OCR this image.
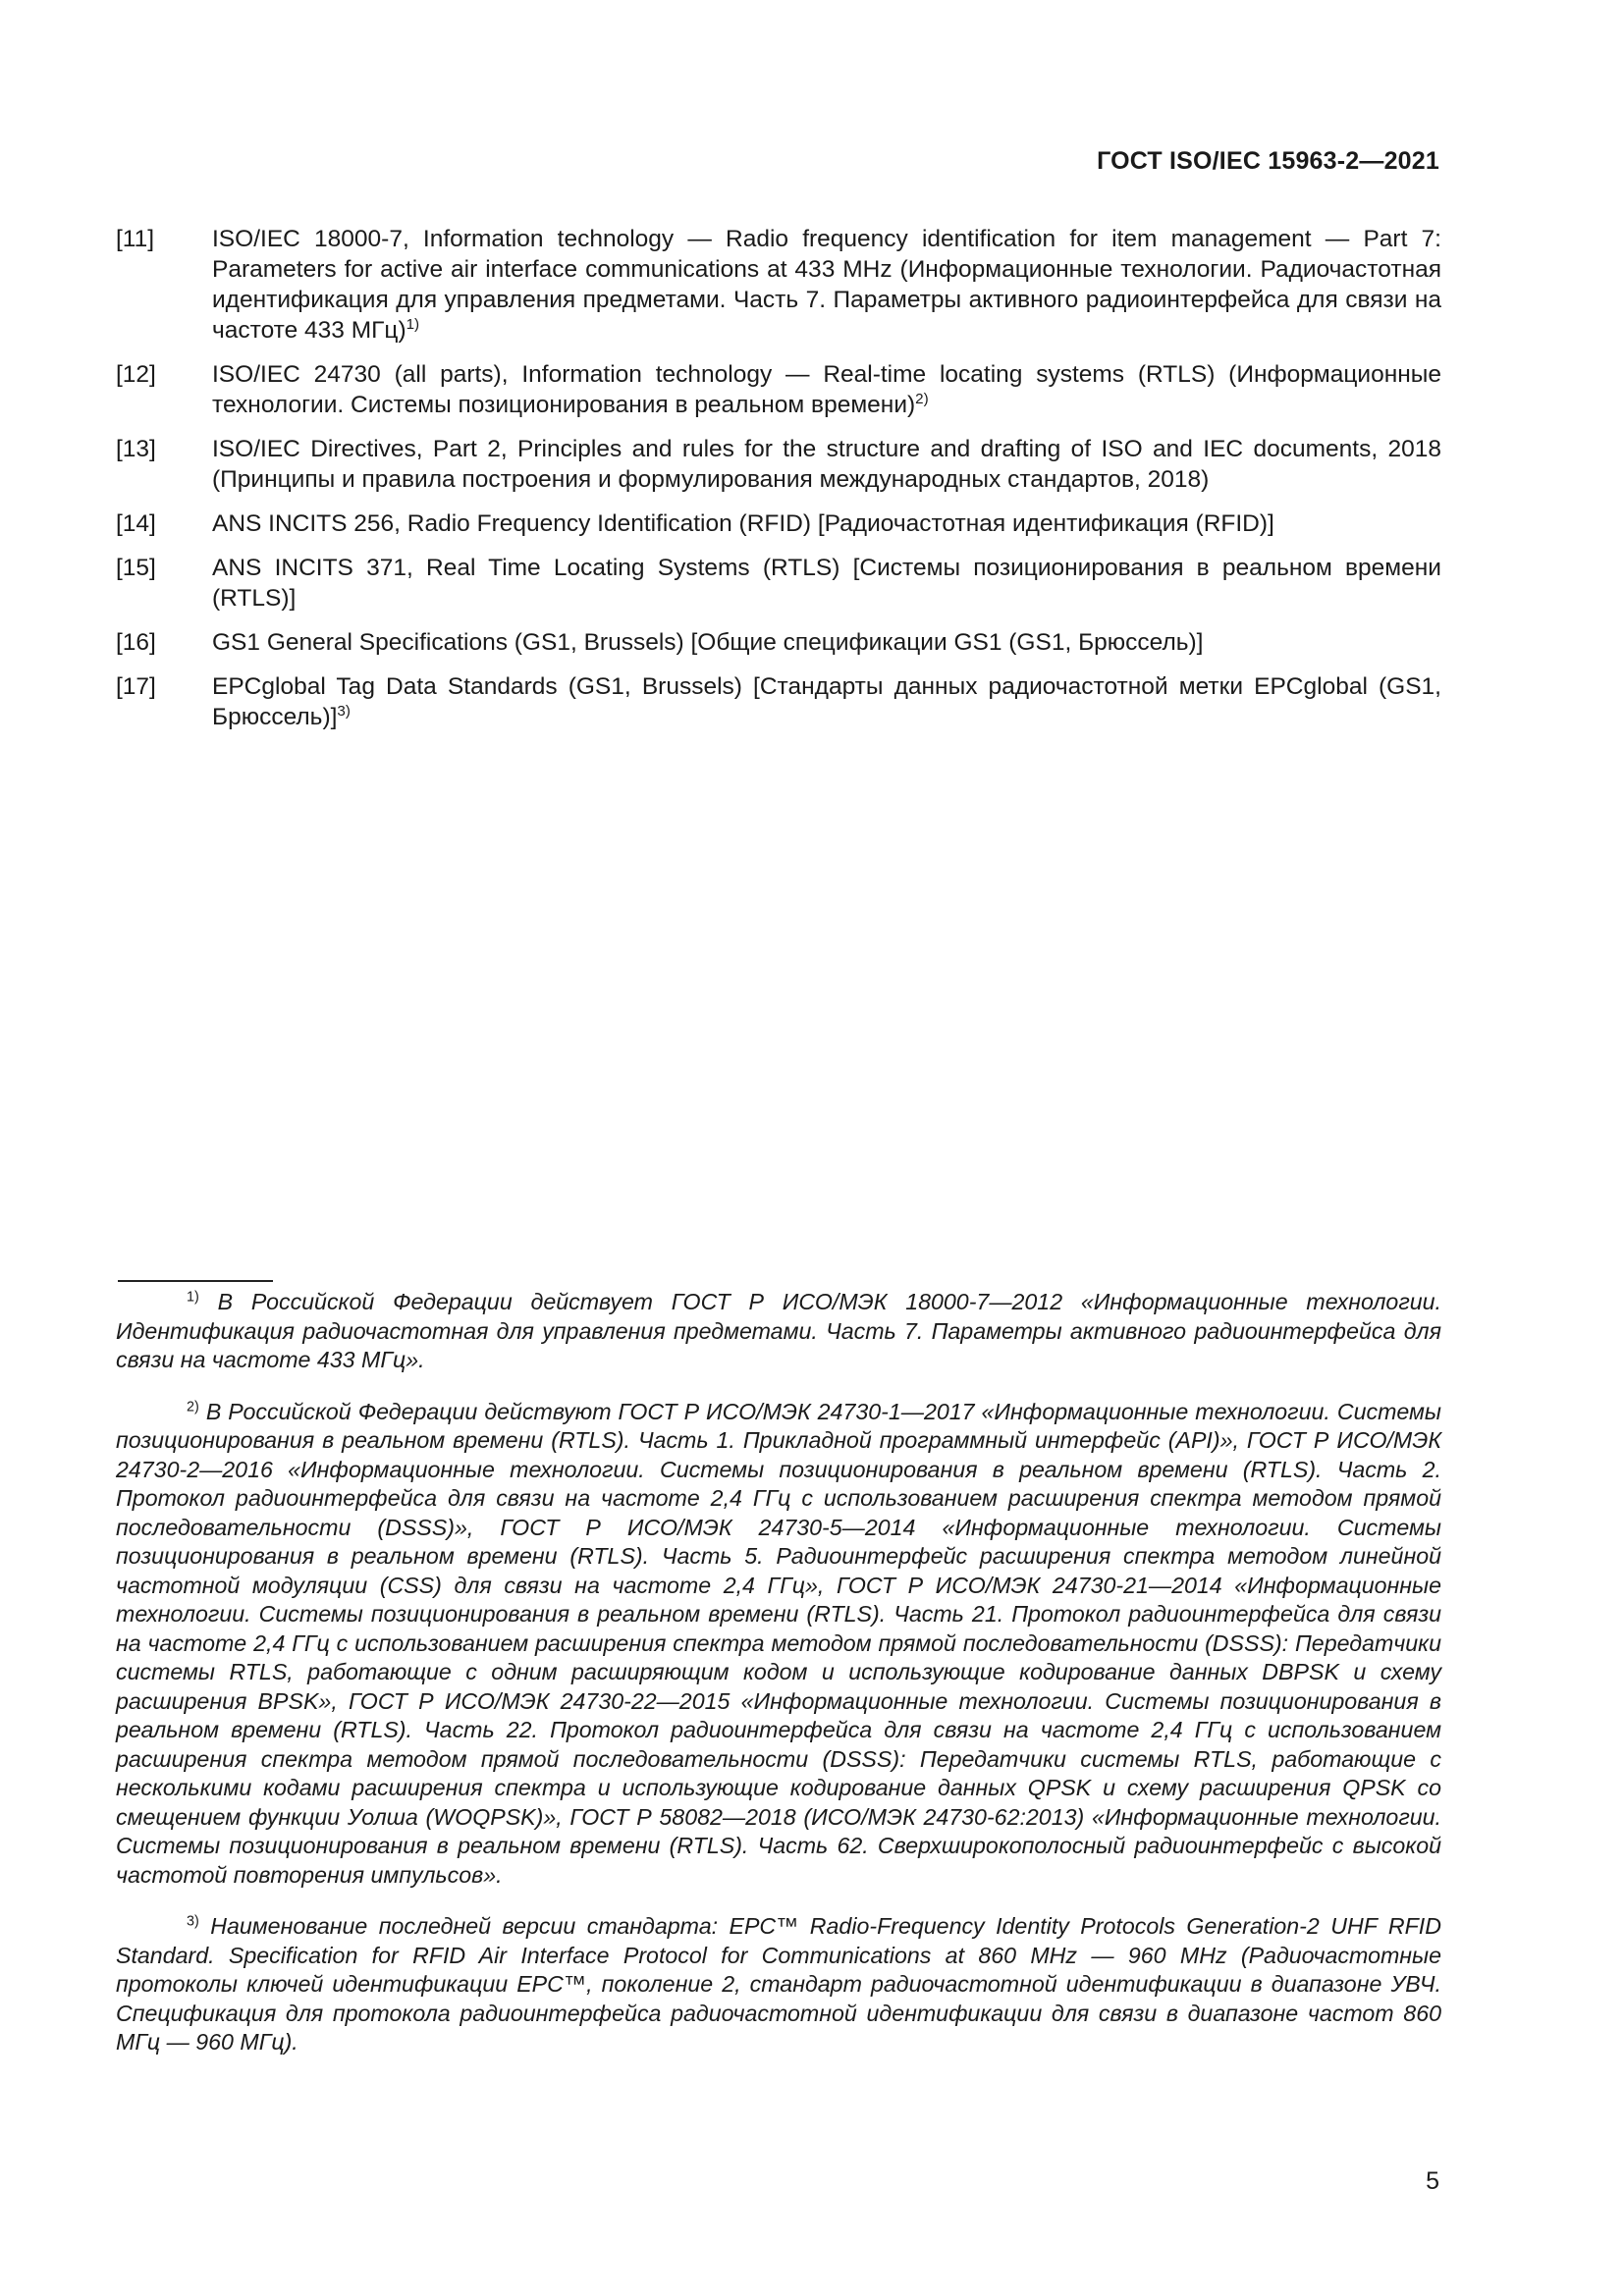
ГОСТ ISO/IEC 15963-2—2021
[11]	ISO/IEC 18000-7, Information technology — Radio frequency identification for item management — Part 7: Parameters for active air interface communications at 433 MHz (Информационные технологии. Радиочастотная идентификация для управления предметами. Часть 7. Параметры активного радиоинтерфейса для связи на частоте 433 МГц)$^{1)}$
[12]	ISO/IEC 24730 (all parts), Information technology — Real-time locating systems (RTLS) (Информационные технологии. Системы позиционирования в реальном времени)$^{2)}$
[13]	ISO/IEC Directives, Part 2, Principles and rules for the structure and drafting of ISO and IEC documents, 2018 (Принципы и правила построения и формулирования международных стандартов, 2018)
[14]	ANS INCITS 256, Radio Frequency Identification (RFID) [Радиочастотная идентификация (RFID)]
[15]	ANS INCITS 371, Real Time Locating Systems (RTLS) [Системы позиционирования в реальном времени (RTLS)]
[16]	GS1 General Specifications (GS1, Brussels) [Общие спецификации GS1 (GS1, Брюссель)]
[17]	EPCglobal Tag Data Standards (GS1, Brussels) [Стандарты данных радиочастотной метки EPCglobal (GS1, Брюссель)]$^{3)}$

$^{1)}$ В Российской Федерации действует ГОСТ Р ИСО/МЭК 18000-7—2012 «Информационные технологии. Идентификация радиочастотная для управления предметами. Часть 7. Параметры активного радиоинтерфейса для связи на частоте 433 МГц».

$^{2)}$ В Российской Федерации действуют ГОСТ Р ИСО/МЭК 24730-1—2017 «Информационные технологии. Системы позиционирования в реальном времени (RTLS). Часть 1. Прикладной программный интерфейс (API)», ГОСТ Р ИСО/МЭК 24730-2—2016 «Информационные технологии. Системы позиционирования в реальном времени (RTLS). Часть 2. Протокол радиоинтерфейса для связи на частоте 2,4 ГГц с использованием расширения спектра методом прямой последовательности (DSSS)», ГОСТ Р ИСО/МЭК 24730-5—2014 «Информационные технологии. Системы позиционирования в реальном времени (RTLS). Часть 5. Радиоинтерфейс расширения спектра методом линейной частотной модуляции (CSS) для связи на частоте 2,4 ГГц», ГОСТ Р ИСО/МЭК 24730-21—2014 «Информационные технологии. Системы позиционирования в реальном времени (RTLS). Часть 21. Протокол радиоинтерфейса для связи на частоте 2,4 ГГц с использованием расширения спектра методом прямой последовательности (DSSS): Передатчики системы RTLS, работающие с одним расширяющим кодом и использующие кодирование данных DBPSK и схему расширения BPSK», ГОСТ Р ИСО/МЭК 24730-22—2015 «Информационные технологии. Системы позиционирования в реальном времени (RTLS). Часть 22. Протокол радиоинтерфейса для связи на частоте 2,4 ГГц с использованием расширения спектра методом прямой последовательности (DSSS): Передатчики системы RTLS, работающие с несколькими кодами расширения спектра и использующие кодирование данных QPSK и схему расширения QPSK со смещением функции Уолша (WOQPSK)», ГОСТ Р 58082—2018 (ИСО/МЭК 24730-62:2013) «Информационные технологии. Системы позиционирования в реальном времени (RTLS). Часть 62. Сверхширокополосный радиоинтерфейс с высокой частотой повторения импульсов».

$^{3)}$ Наименование последней версии стандарта: EPC™ Radio-Frequency Identity Protocols Generation-2 UHF RFID Standard. Specification for RFID Air Interface Protocol for Communications at 860 MHz — 960 MHz (Радиочастотные протоколы ключей идентификации EPC™, поколение 2, стандарт радиочастотной идентификации в диапазоне УВЧ. Спецификация для протокола радиоинтерфейса радиочастотной идентификации для связи в диапазоне частот 860 МГц — 960 МГц).

5
